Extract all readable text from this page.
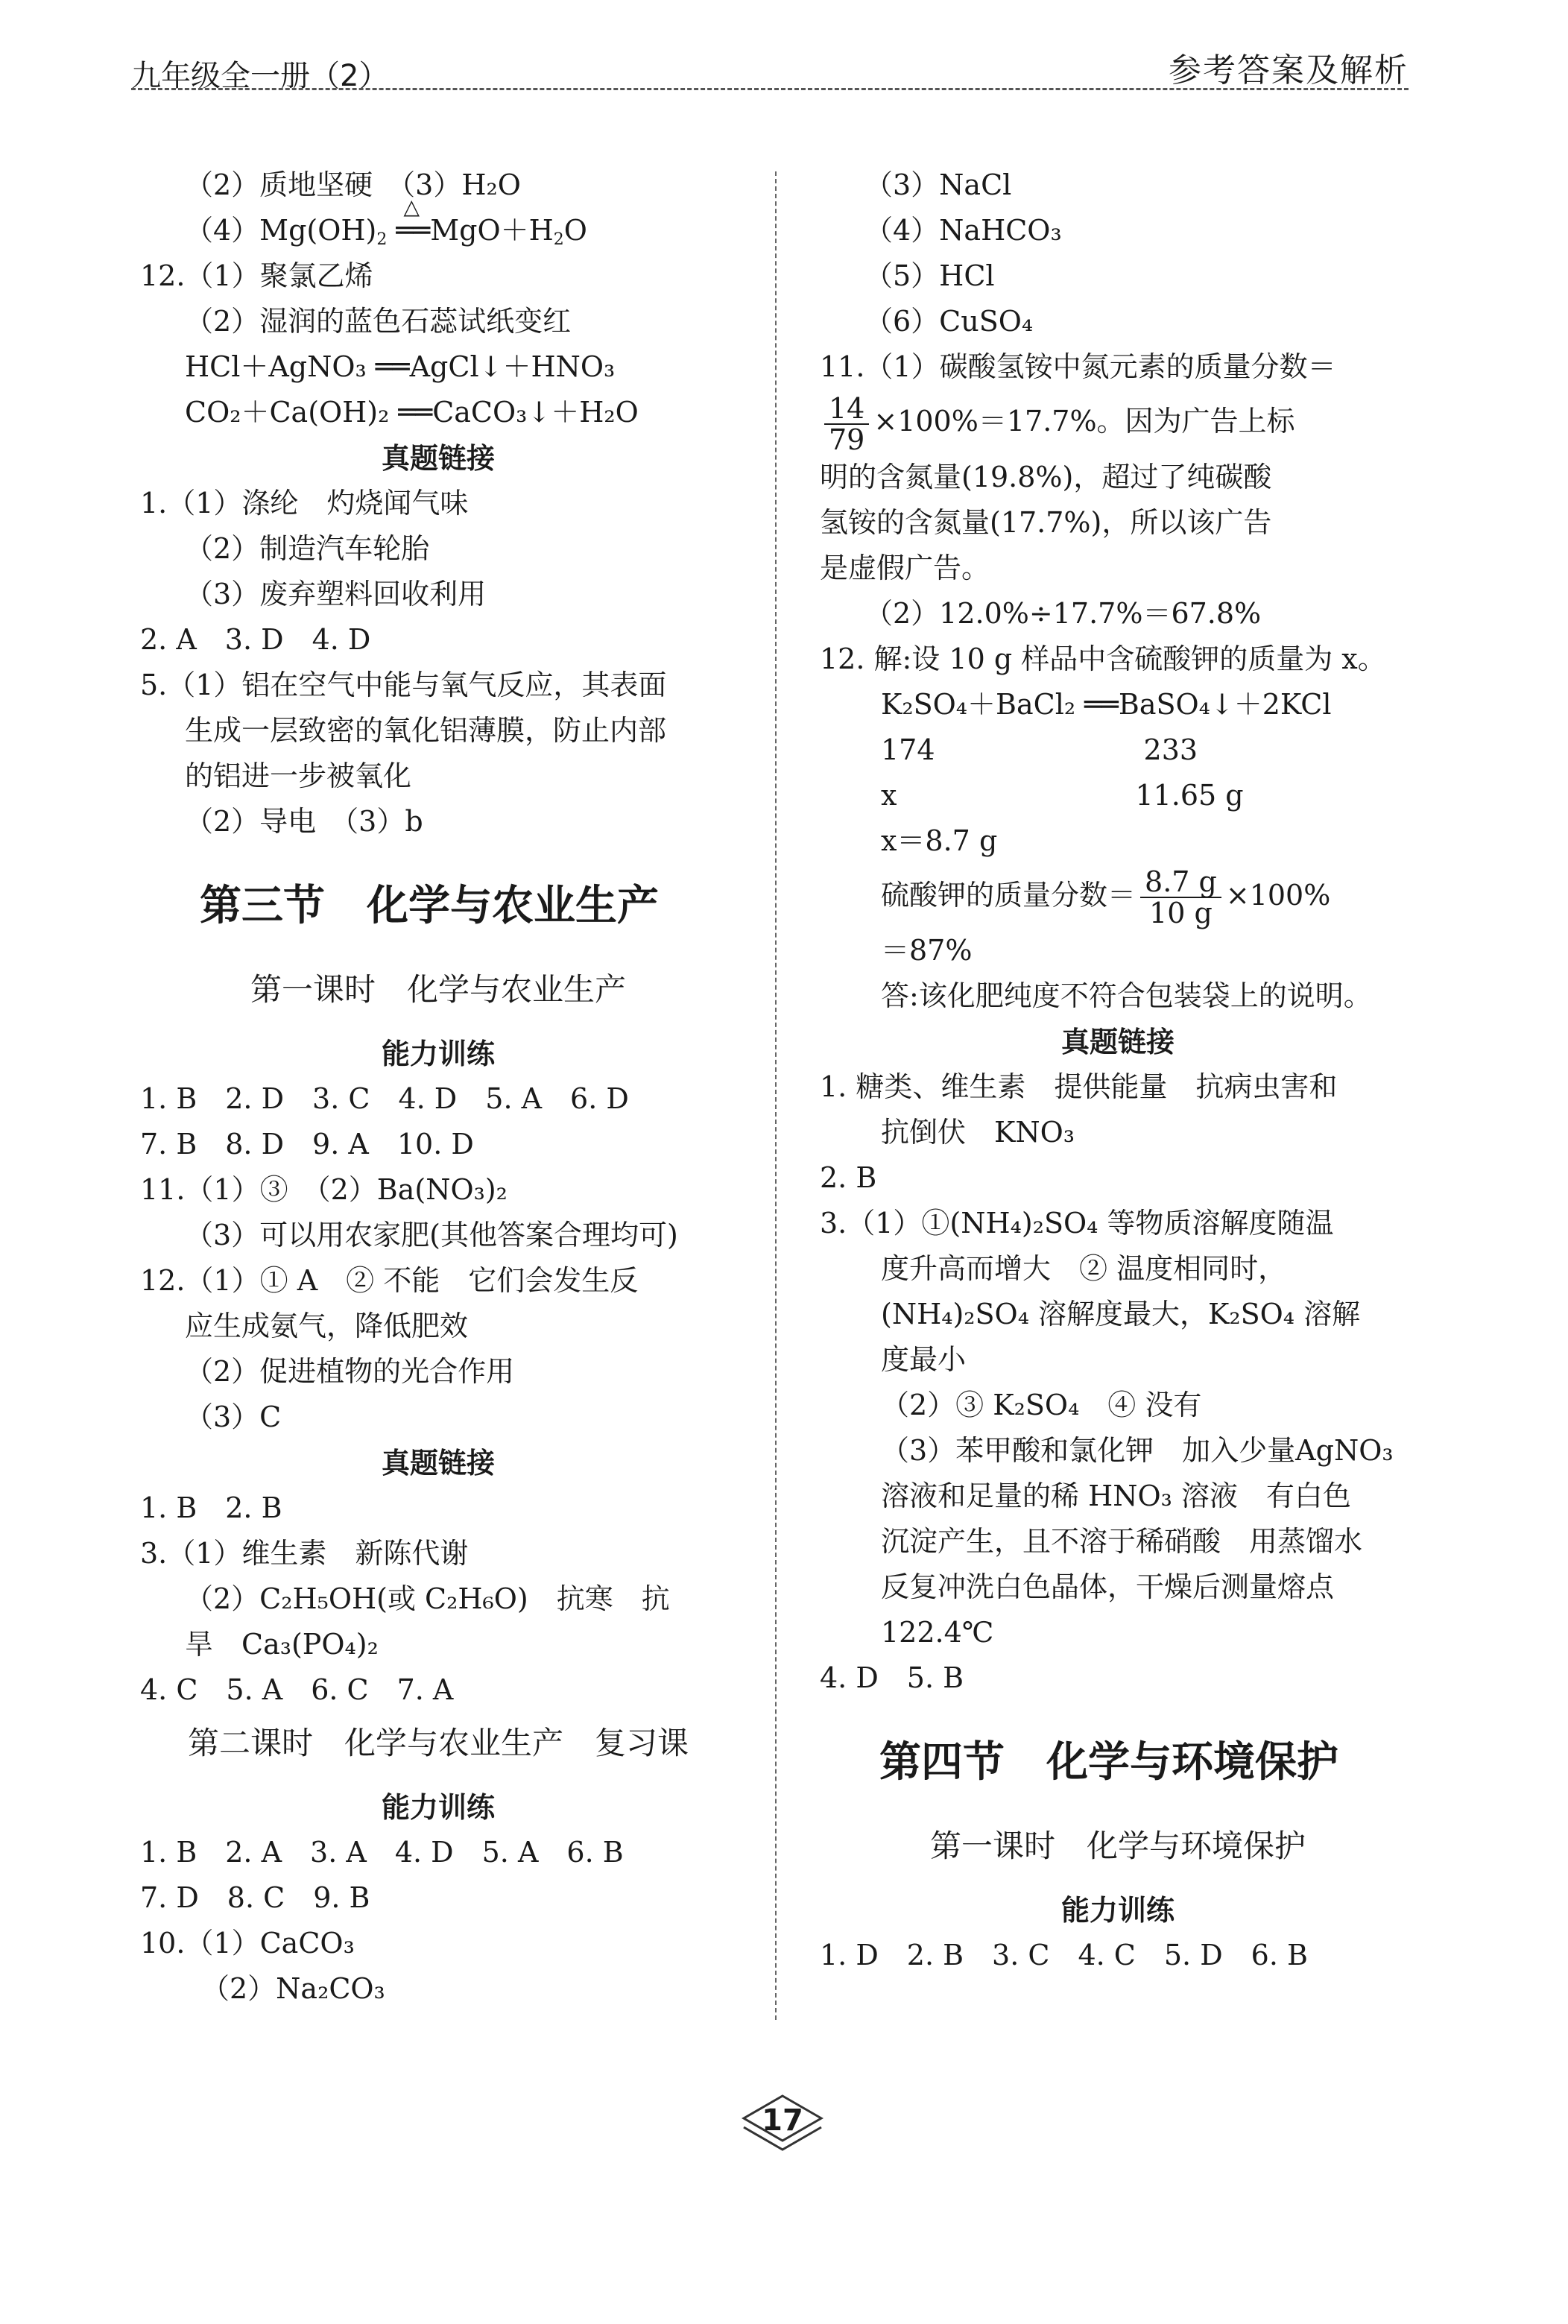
九年级全一册（2）	参考答案及解析
（2）质地坚硬　（3）H₂O
$(4)Mg(OH)_2$
△
$══MgO+H_2O$
12.（1）聚氯乙烯
（2）湿润的蓝色石蕊试纸变红
HCl＋AgNO₃ ══AgCl↓＋HNO₃
CO₂＋Ca(OH)₂ ══CaCO₃↓＋H₂O
真题链接
1.（1）涤纶　灼烧闻气味
（2）制造汽车轮胎
（3）废弃塑料回收利用
2. A　3. D　4. D
5.（1）铝在空气中能与氧气反应，其表面
生成一层致密的氧化铝薄膜，防止内部
的铝进一步被氧化
（2）导电　（3）b
第三节　化学与农业生产
第一课时　化学与农业生产
能力训练
1. B　2. D　3. C　4. D　5. A　6. D
7. B　8. D　9. A　10. D
11.（1）③　（2）Ba(NO₃)₂
（3）可以用农家肥(其他答案合理均可)
12.（1）① A　② 不能　它们会发生反
应生成氨气，降低肥效
（2）促进植物的光合作用
（3）C
真题链接
1. B　2. B
3.（1）维生素　新陈代谢
（2）C₂H₅OH(或 C₂H₆O)　抗寒　抗
旱　Ca₃(PO₄)₂
4. C　5. A　6. C　7. A
第二课时　化学与农业生产　复习课
能力训练
1. B　2. A　3. A　4. D　5. A　6. B
7. D　8. C　9. B
10.（1）CaCO₃
（2）Na₂CO₃
（3）NaCl
（4）NaHCO₃
（5）HCl
（6）CuSO₄
11.（1）碳酸氢铵中氮元素的质量分数＝
$\frac{14}{79} \times 100\%=17.7\%$。因为广告上标
明的含氮量(19.8%)，超过了纯碳酸
氢铵的含氮量(17.7%)，所以该广告
是虚假广告。
（2）12.0%÷17.7%＝67.8%
12. 解:设 10 g 样品中含硫酸钾的质量为 x。
K₂SO₄＋BaCl₂ ══BaSO₄↓＋2KCl
174	233
x	11.65 g
x＝8.7 g
硫酸钾的质量分数＝ $\frac{8.7 g}{10 g} \times 100\%$
＝87%
答:该化肥纯度不符合包装袋上的说明。
真题链接
1. 糖类、维生素　提供能量　抗病虫害和
抗倒伏　KNO₃
2. B
3.（1）①(NH₄)₂SO₄ 等物质溶解度随温
度升高而增大　② 温度相同时，
(NH₄)₂SO₄ 溶解度最大，K₂SO₄ 溶解
度最小
（2）③ K₂SO₄　④ 没有
（3）苯甲酸和氯化钾　加入少量AgNO₃
溶液和足量的稀 HNO₃ 溶液　有白色
沉淀产生，且不溶于稀硝酸　用蒸馏水
反复冲洗白色晶体，干燥后测量熔点
122.4℃
4. D　5. B
第四节　化学与环境保护
第一课时　化学与环境保护
能力训练
1. D　2. B　3. C　4. C　5. D　6. B
17
